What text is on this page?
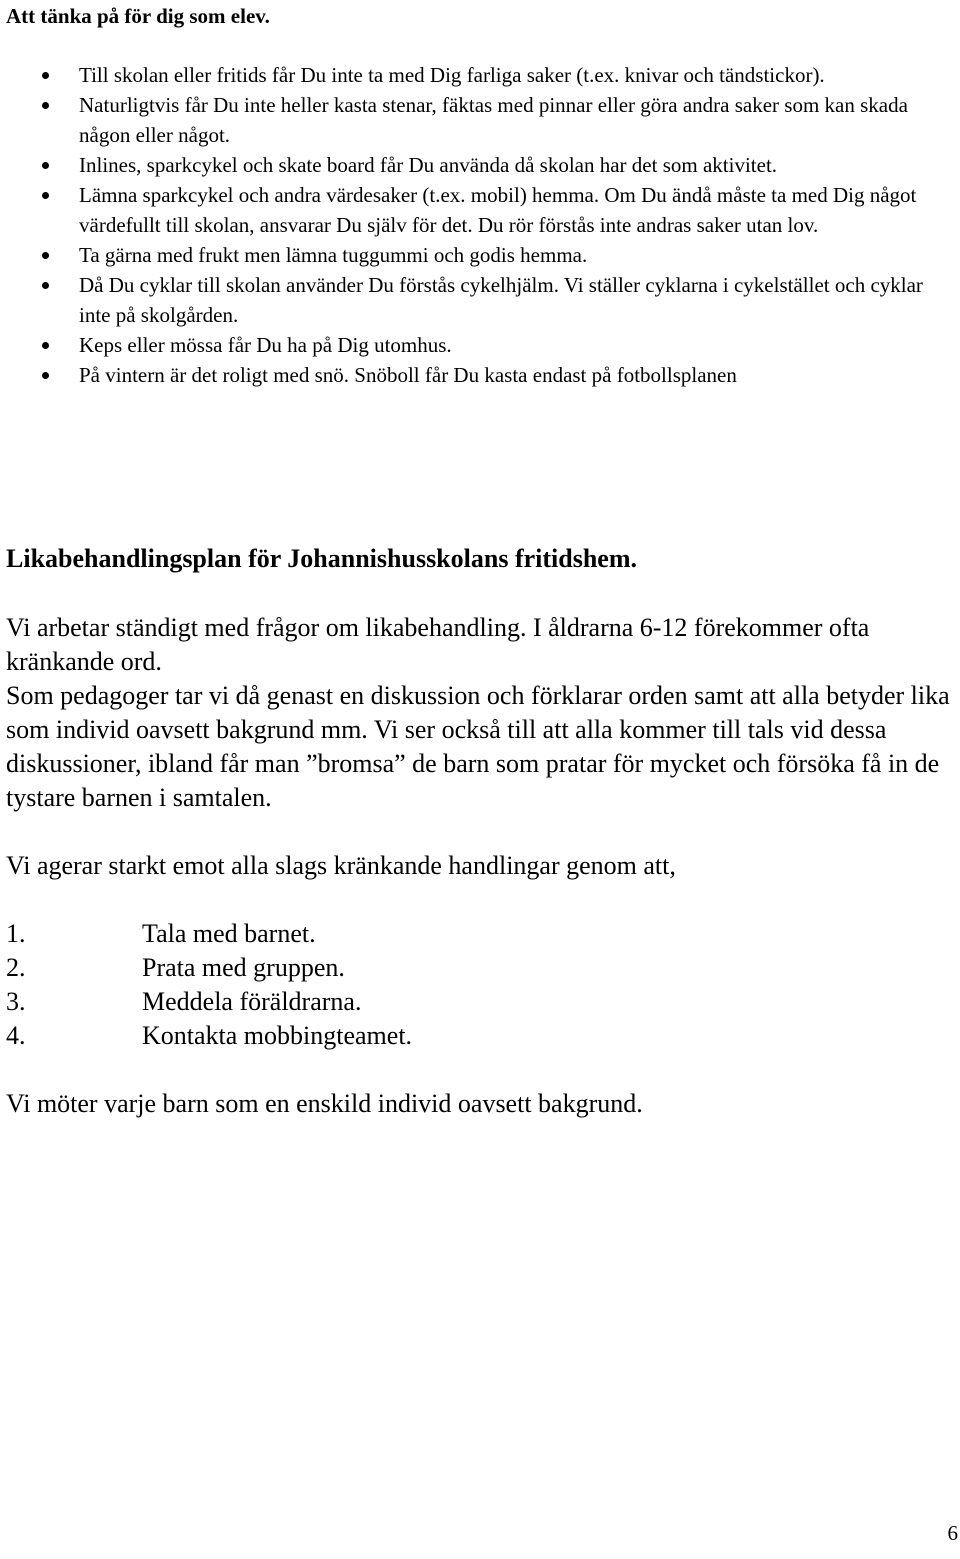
Att tänka på för dig som elev.
Till skolan eller fritids får Du inte ta med Dig farliga saker (t.ex. knivar och tändstickor).
Naturligtvis får Du inte heller kasta stenar, fäktas med pinnar eller göra andra saker som kan skada någon eller något.
Inlines, sparkcykel och skate board får Du använda då skolan har det som aktivitet.
Lämna sparkcykel och andra värdesaker (t.ex. mobil) hemma. Om Du ändå måste ta med Dig något värdefullt till skolan, ansvarar Du själv för det. Du rör förstås inte andras saker utan lov.
Ta gärna med frukt men lämna tuggummi och godis hemma.
Då Du cyklar till skolan använder Du förstås cykelhjälm. Vi ställer cyklarna i cykelstället och cyklar inte på skolgården.
Keps eller mössa får Du ha på Dig utomhus.
På vintern är det roligt med snö. Snöboll får Du kasta endast på fotbollsplanen
Likabehandlingsplan för Johannishusskolans fritidshem.

Vi arbetar ständigt med frågor om likabehandling. I åldrarna 6-12 förekommer ofta kränkande ord.

Som pedagoger tar vi då genast en diskussion och förklarar orden samt att alla betyder lika som individ oavsett bakgrund mm. Vi ser också till att alla kommer till tals vid dessa diskussioner, ibland får man ”bromsa” de barn som pratar för mycket och försöka få in de tystare barnen i samtalen.

Vi agerar starkt emot alla slags kränkande handlingar genom att,

1.	Tala med barnet.
2.	Prata med gruppen.
3.	Meddela föräldrarna.
4.	Kontakta mobbingteamet.

Vi möter varje barn som en enskild individ oavsett bakgrund.

6
